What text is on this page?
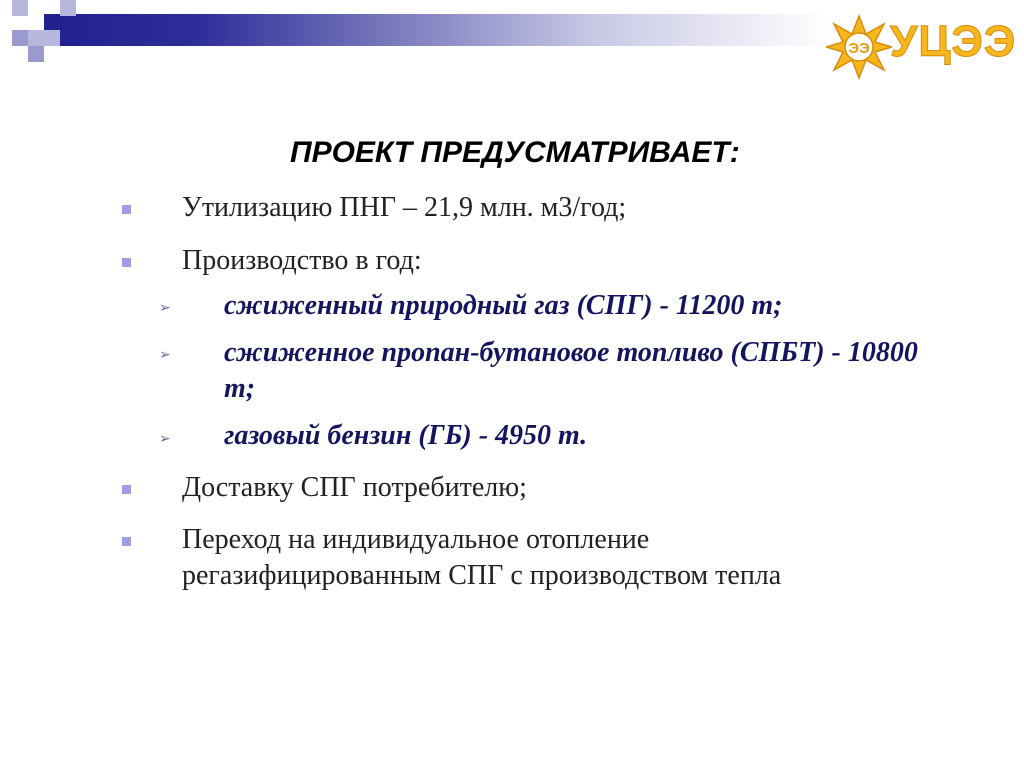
ЭЭ УЦЭЭ
ПРОЕКТ ПРЕДУСМАТРИВАЕТ:
Утилизацию ПНГ – 21,9 млн. м3/год;
Производство в год:
➢ сжиженный природный газ (СПГ) - 11200 т;
➢ сжиженное пропан-бутановое топливо (СПБТ) - 10800 т;
➢ газовый бензин (ГБ) - 4950 т.
Доставку СПГ потребителю;
Переход на индивидуальное отопление регазифицированным СПГ с производством тепла
